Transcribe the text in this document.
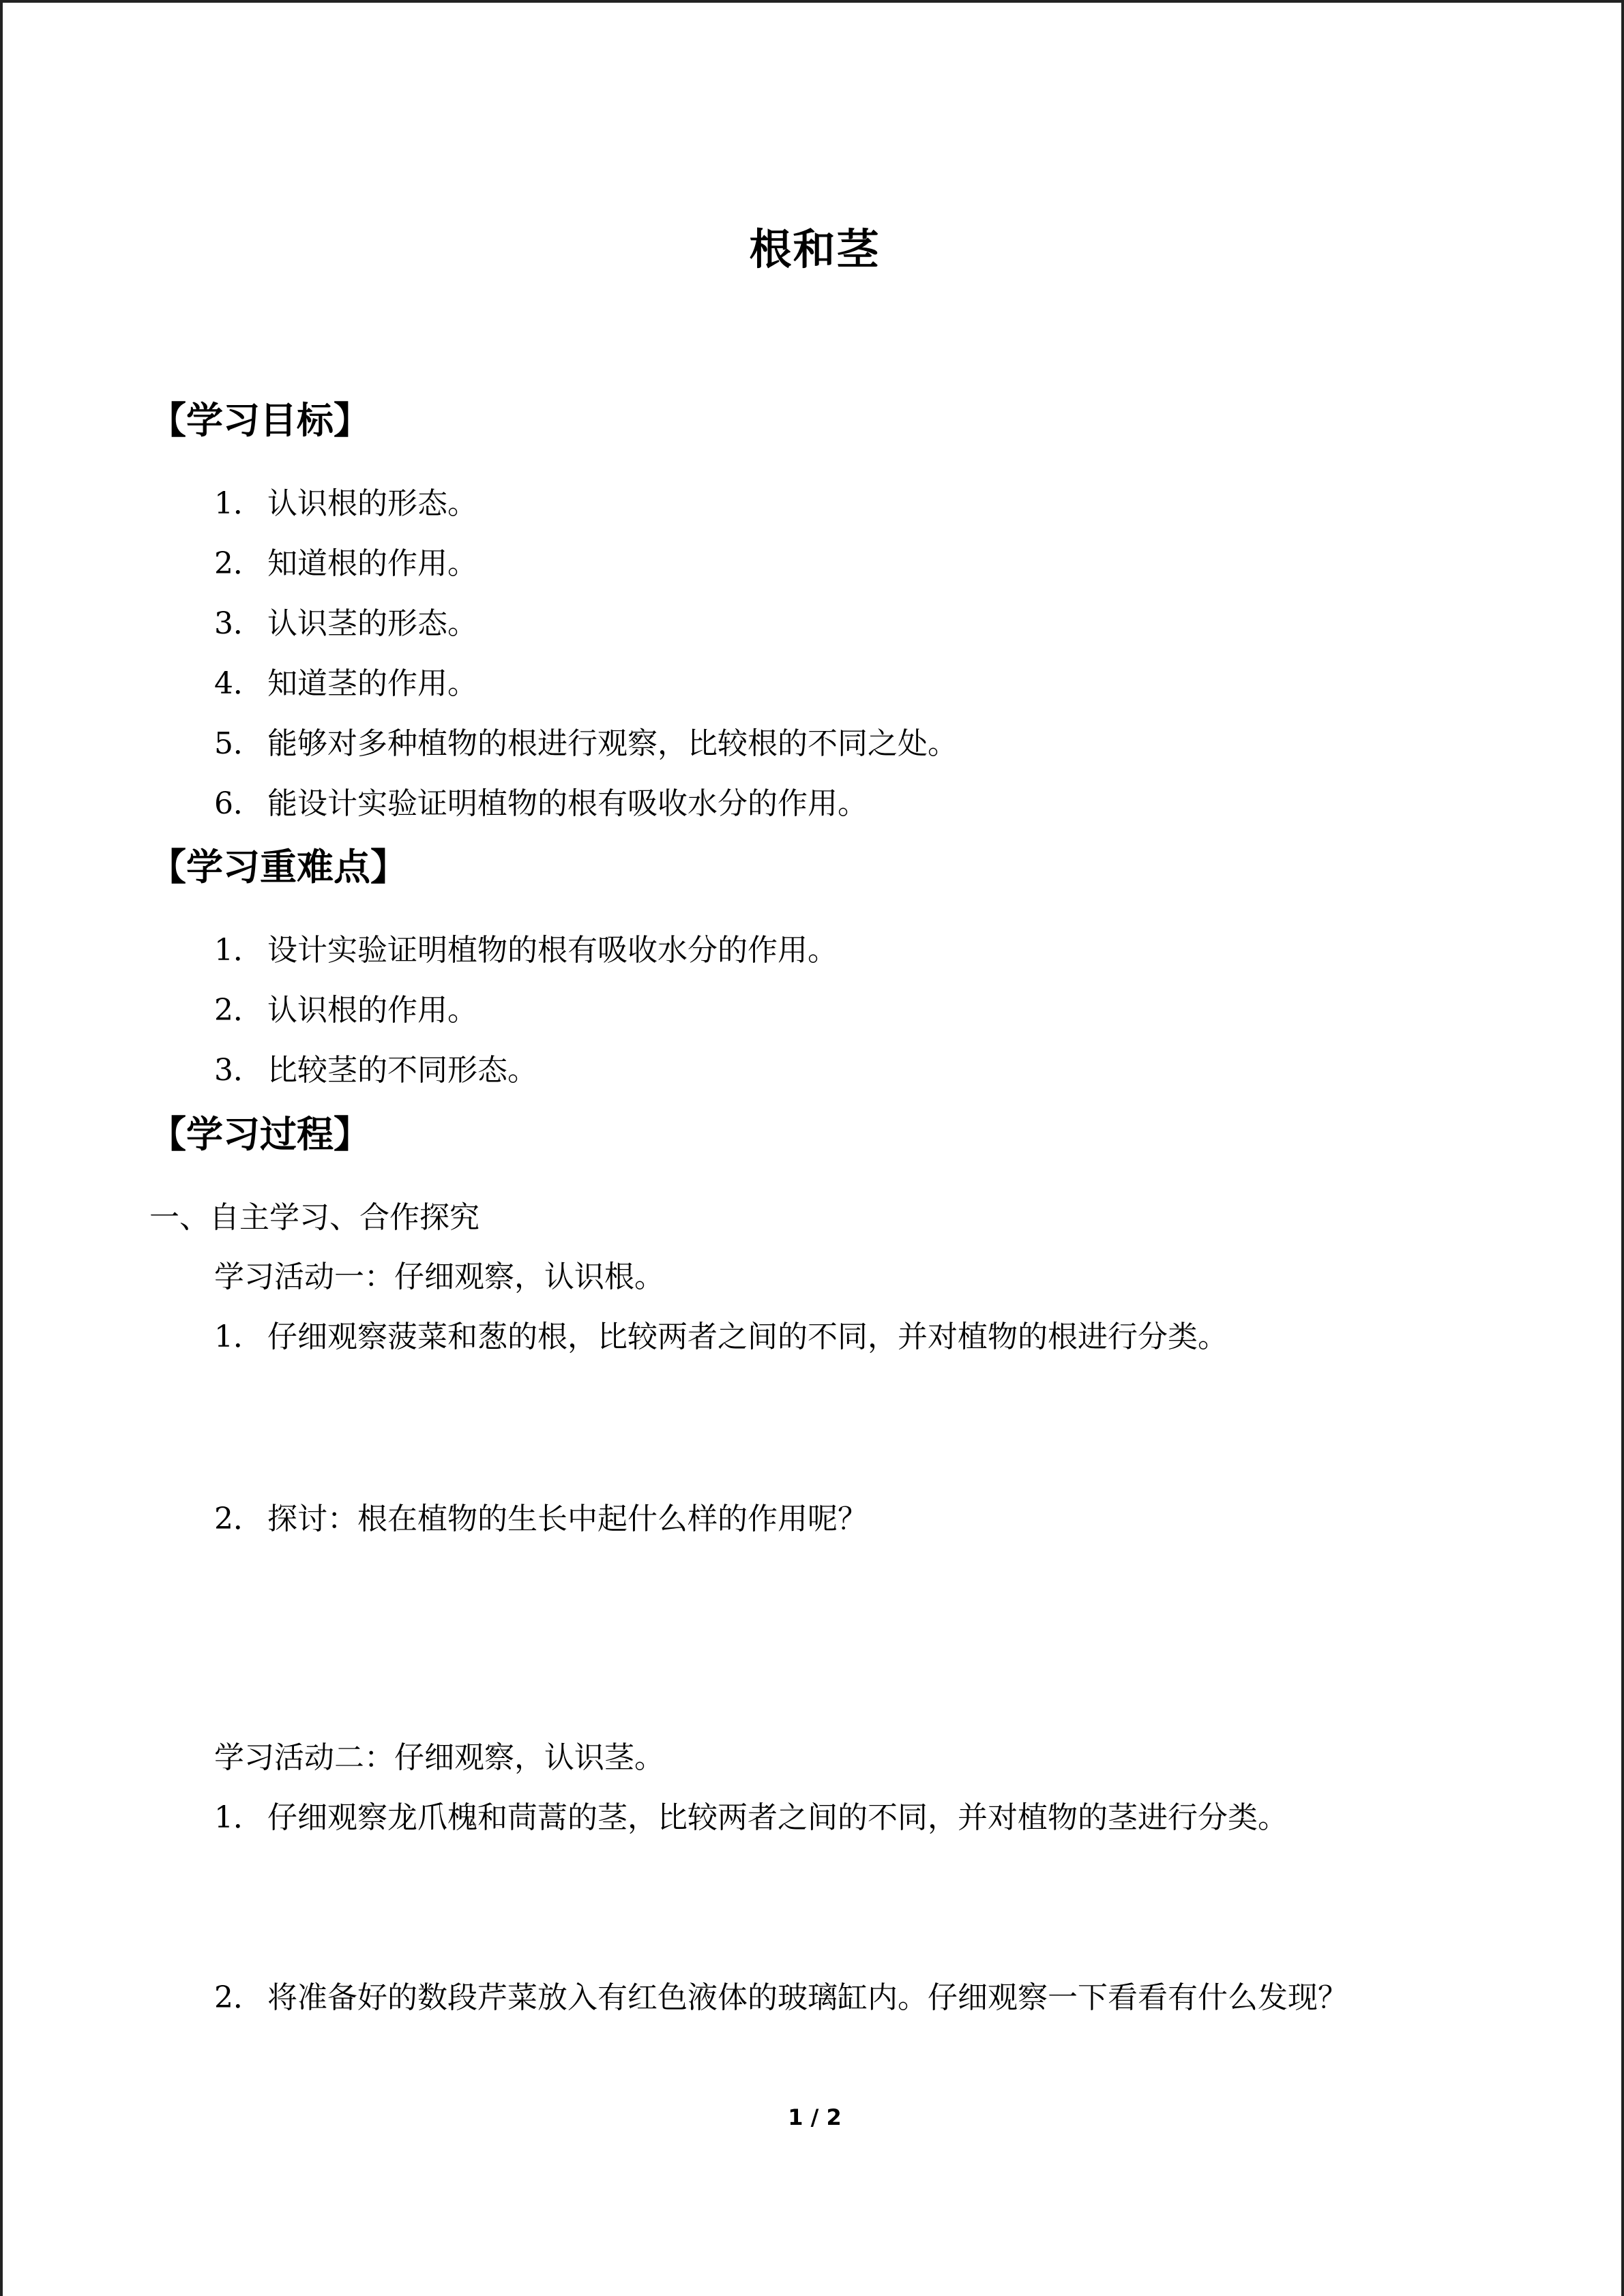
根和茎
【学习目标】
1． 认识根的形态。
2． 知道根的作用。
3． 认识茎的形态。
4． 知道茎的作用。
5． 能够对多种植物的根进行观察，比较根的不同之处。
6． 能设计实验证明植物的根有吸收水分的作用。
【学习重难点】
1． 设计实验证明植物的根有吸收水分的作用。
2． 认识根的作用。
3． 比较茎的不同形态。
【学习过程】
一、自主学习、合作探究
学习活动一：仔细观察，认识根。
1． 仔细观察菠菜和葱的根，比较两者之间的不同，并对植物的根进行分类。
2． 探讨：根在植物的生长中起什么样的作用呢？
学习活动二：仔细观察，认识茎。
1． 仔细观察龙爪槐和茼蒿的茎，比较两者之间的不同，并对植物的茎进行分类。
2． 将准备好的数段芹菜放入有红色液体的玻璃缸内。仔细观察一下看看有什么发现？
1 / 2
